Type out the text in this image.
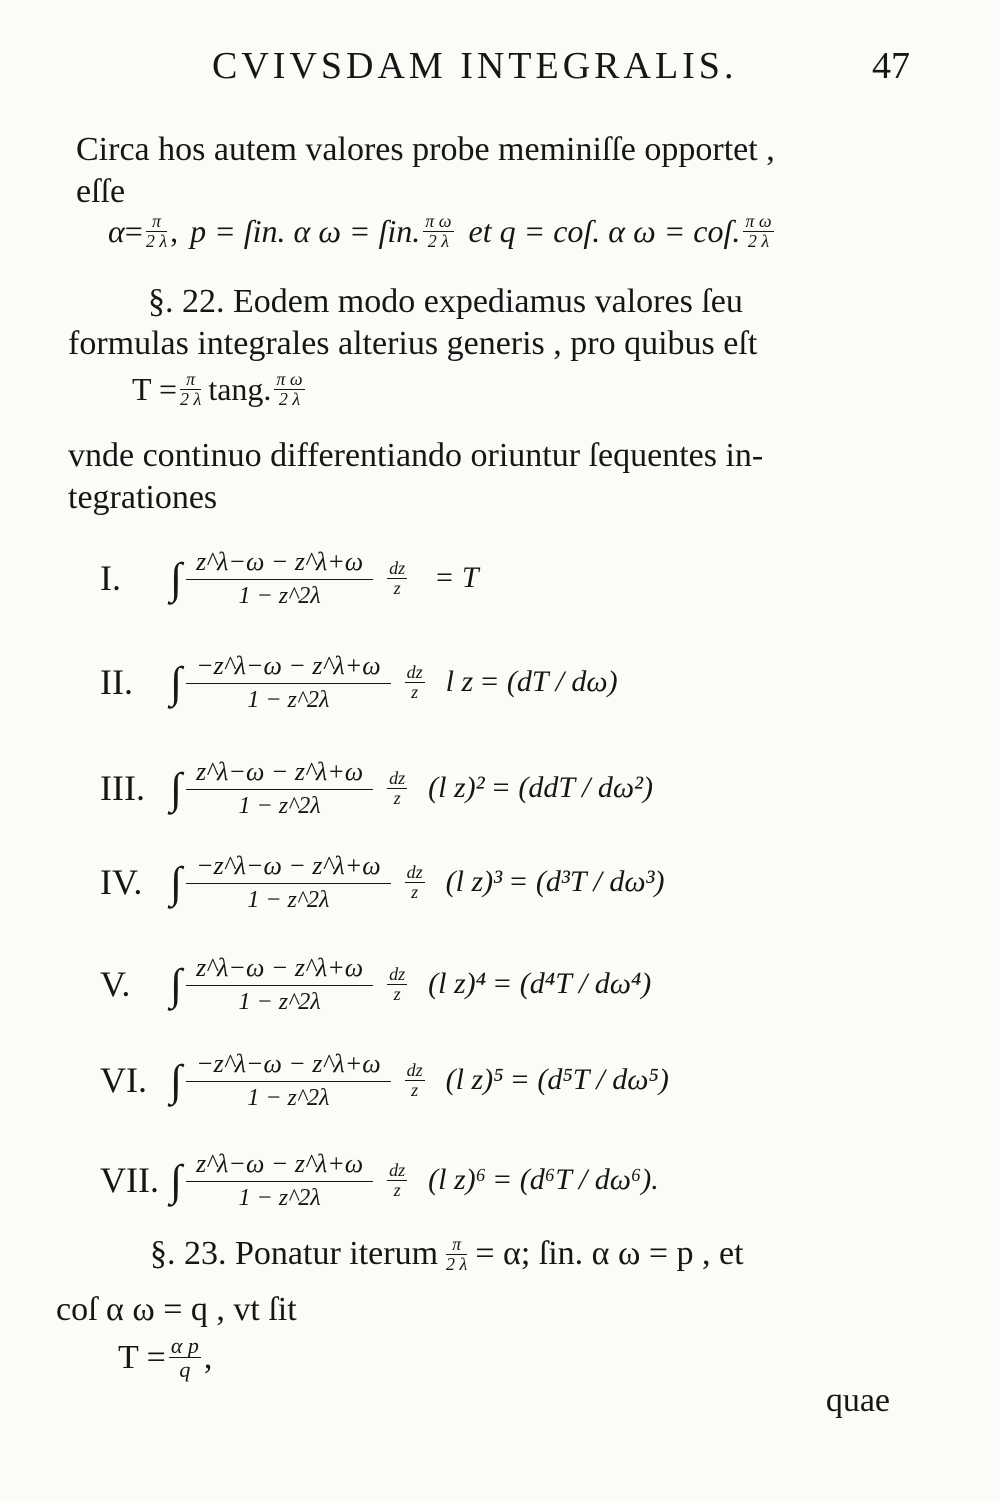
CVIVSDAM INTEGRALIS.	47
Circa hos autem valores probe meminiſſe opportet ,
eſſe
$\alpha = \frac{\pi}{2 \lambda}$ , p = ſin. α ω = ſin. $\frac{\text{π ω}}{2 \lambda}$ et q = coſ. α ω = coſ. $\frac{\text{π ω}}{2 \lambda}$
§. 22. Eodem modo expediamus valores ſeu
formulas integrales alterius generis , pro quibus eſt
$T = \frac{\pi}{2 \lambda} \tan g$. $\frac{\text{π ω}}{2 \lambda}$
vnde continuo differentiando oriuntur ſequentes in-
tegrationes
I.	∫ $\frac{z\^{}\lambda-\omega - z\^{}\lambda+\omega}{1 - z\^{}2\lambda} \frac{dz}{z} = T$
II. ∫ $\frac{-z\^{}\lambda-\omega - z\^{}\lambda+\omega}{1 - z\^{}2\lambda} \frac{dz}{z}$ l z = (dT / dω)
III. ∫ $\frac{z\^{}\lambda-\omega - z\^{}\lambda+\omega}{1 - z\^{}2\lambda} \frac{dz}{z} (l$ z)² = (ddT / dω²)
IV. ∫ $\frac{-z\^{}\lambda-\omega - z\^{}\lambda+\omega}{1 - z\^{}2\lambda} \frac{dz}{z} (l$ z)³ = (d³T / dω³)
V. ∫ $\frac{z\^{}\lambda-\omega - z\^{}\lambda+\omega}{1 - z\^{}2\lambda} \frac{dz}{z} (l$ z)⁴ = (d⁴T / dω⁴)
VI. ∫ $\frac{-z\^{}\lambda-\omega - z\^{}\lambda+\omega}{1 - z\^{}2\lambda} \frac{dz}{z} (l$ z)⁵ = (d⁵T / dω⁵)
VII. ∫ $\frac{z\^{}\lambda-\omega - z\^{}\lambda+\omega}{1 - z\^{}2\lambda} \frac{dz}{z} (l$ z)⁶ = (d⁶T / dω⁶).
§. 23. Ponatur iterum $\frac{\pi}{2 \lambda} = \alpha$; ſin. α ω = p , et
coſ α ω = q , vt ſit
$T = \frac{\text{α p}}{q}$ ,
quae
